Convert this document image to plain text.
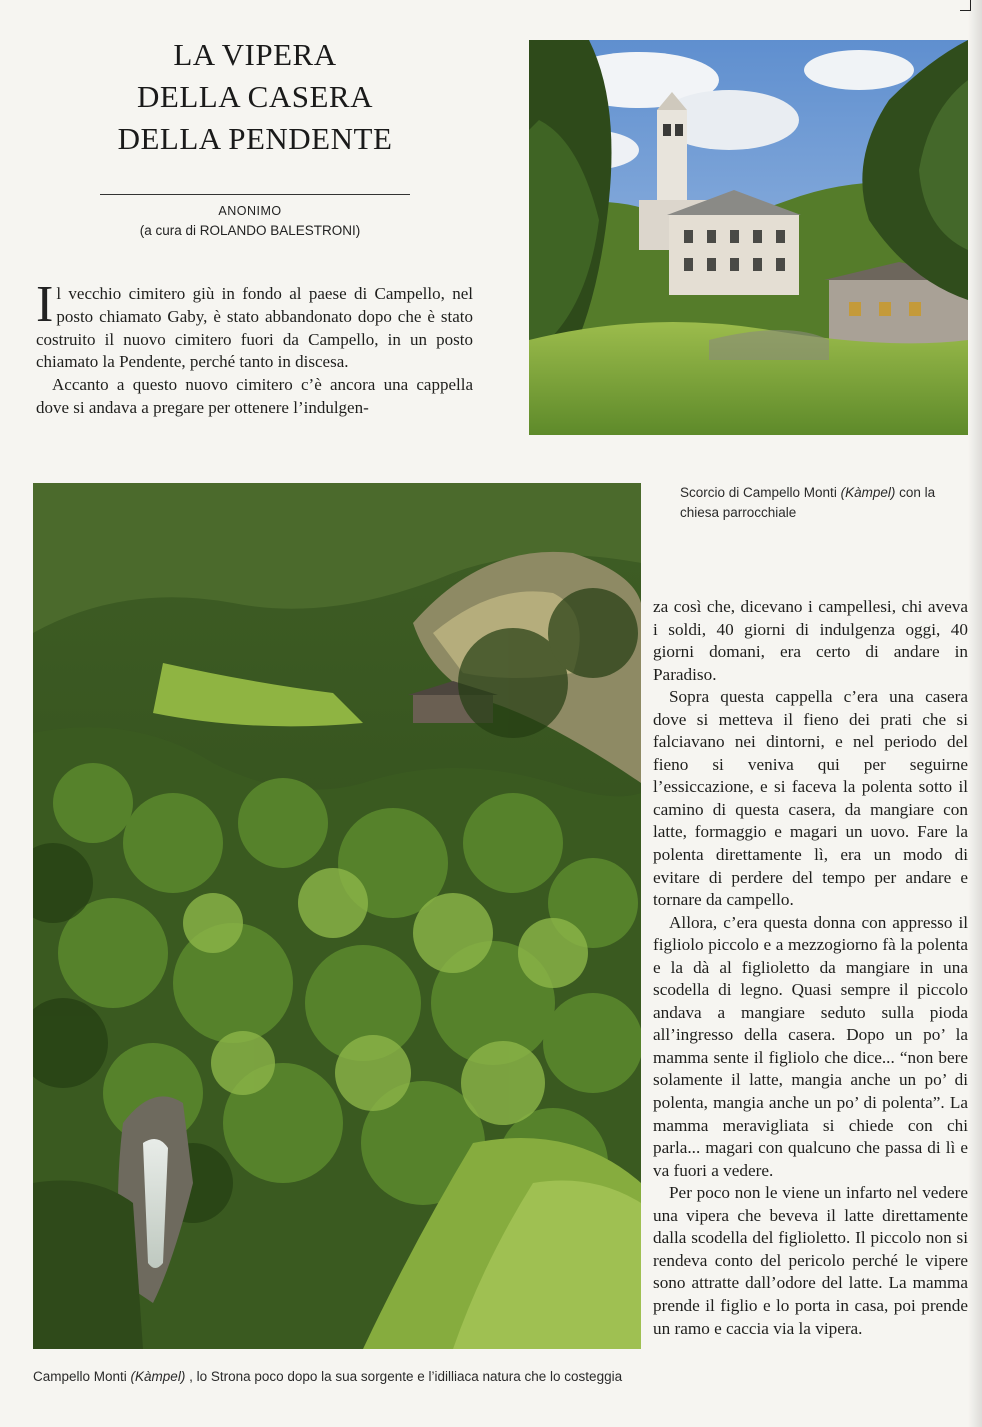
LA VIPERA
DELLA CASERA
DELLA PENDENTE
ANONIMO
(a cura di ROLANDO BALESTRONI)

Il vecchio cimitero giù in fondo al paese di Campello, nel posto chiamato Gaby, è stato abbandonato dopo che è stato costruito il nuovo cimitero fuori da Campello, in un posto chiamato la Pendente, perché tanto in discesa.

Accanto a questo nuovo cimitero c’è ancora una cappella dove si andava a pregare per ottenere l’indulgen-

Scorcio di Campello Monti (Kàmpel) con la chiesa parrocchiale
Campello Monti (Kàmpel) , lo Strona poco dopo la sua sorgente e l’idilliaca natura che lo costeggia

za così che, dicevano i campellesi, chi aveva i soldi, 40 giorni di indulgenza oggi, 40 giorni domani, era certo di andare in Paradiso.

Sopra questa cappella c’era una casera dove si metteva il fieno dei prati che si falciavano nei dintorni, e nel periodo del fieno si veniva qui per seguirne l’essiccazione, e si faceva la polenta sotto il camino di questa casera, da mangiare con latte, formaggio e magari un uovo. Fare la polenta direttamente lì, era un modo di evitare di perdere del tempo per andare e tornare da campello.

Allora, c’era questa donna con appresso il figliolo piccolo e a mezzogiorno fà la polenta e la dà al figlioletto da mangiare in una scodella di legno. Quasi sempre il piccolo andava a mangiare seduto sulla pioda all’ingresso della casera. Dopo un po’ la mamma sente il figliolo che dice... “non bere solamente il latte, mangia anche un po’ di polenta, mangia anche un po’ di polenta”. La mamma meravigliata si chiede con chi parla... magari con qualcuno che passa di lì e va fuori a vedere.

Per poco non le viene un infarto nel vedere una vipera che beveva il latte direttamente dalla scodella del figlioletto. Il piccolo non si rendeva conto del pericolo perché le vipere sono attratte dall’odore del latte. La mamma prende il figlio e lo porta in casa, poi prende un ramo e caccia via la vipera.
